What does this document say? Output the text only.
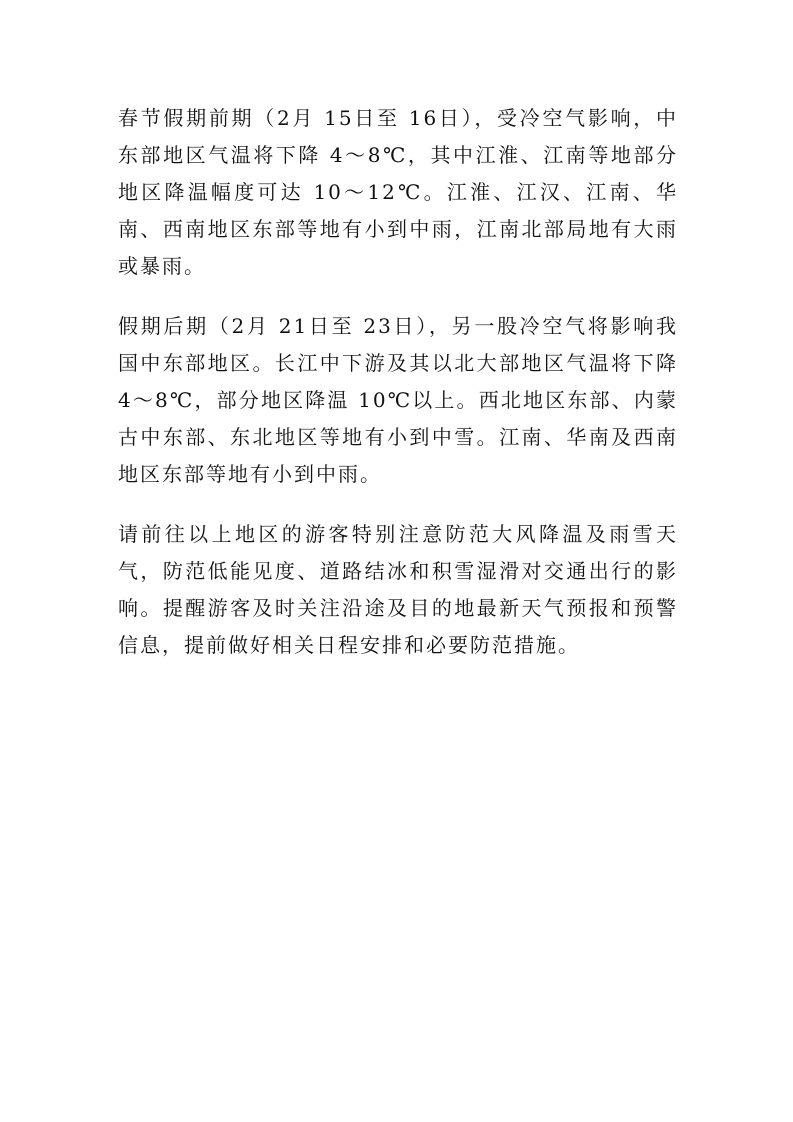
春节假期前期（2月 15日至 16日），受冷空气影响，中东部地区气温将下降 4～8℃，其中江淮、江南等地部分地区降温幅度可达 10～12℃。江淮、江汉、江南、华南、西南地区东部等地有小到中雨，江南北部局地有大雨或暴雨。

假期后期（2月 21日至 23日），另一股冷空气将影响我国中东部地区。长江中下游及其以北大部地区气温将下降 4～8℃，部分地区降温 10℃以上。西北地区东部、内蒙古中东部、东北地区等地有小到中雪。江南、华南及西南地区东部等地有小到中雨。

请前往以上地区的游客特别注意防范大风降温及雨雪天气，防范低能见度、道路结冰和积雪湿滑对交通出行的影响。提醒游客及时关注沿途及目的地最新天气预报和预警信息，提前做好相关日程安排和必要防范措施。
